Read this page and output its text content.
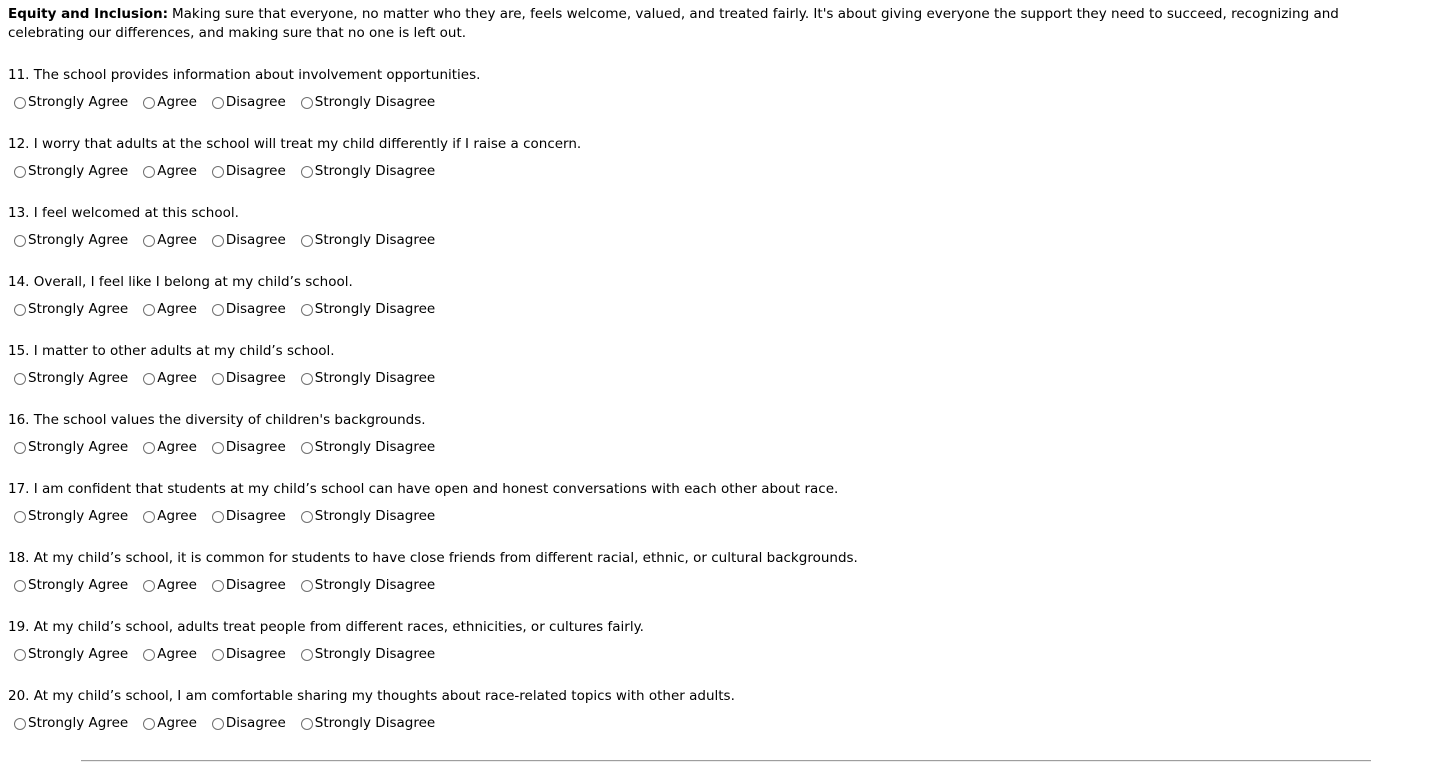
Equity and Inclusion: Making sure that everyone, no matter who they are, feels welcome, valued, and treated fairly. It's about giving everyone the support they need to succeed, recognizing and celebrating our differences, and making sure that no one is left out.

11. The school provides information about involvement opportunities.

Strongly Agree Agree Disagree Strongly Disagree

12. I worry that adults at the school will treat my child differently if I raise a concern.

Strongly Agree Agree Disagree Strongly Disagree

13. I feel welcomed at this school.

Strongly Agree Agree Disagree Strongly Disagree

14. Overall, I feel like I belong at my child’s school.

Strongly Agree Agree Disagree Strongly Disagree

15. I matter to other adults at my child’s school.

Strongly Agree Agree Disagree Strongly Disagree

16. The school values the diversity of children's backgrounds.

Strongly Agree Agree Disagree Strongly Disagree

17. I am confident that students at my child’s school can have open and honest conversations with each other about race.

Strongly Agree Agree Disagree Strongly Disagree

18. At my child’s school, it is common for students to have close friends from different racial, ethnic, or cultural backgrounds.

Strongly Agree Agree Disagree Strongly Disagree

19. At my child’s school, adults treat people from different races, ethnicities, or cultures fairly.

Strongly Agree Agree Disagree Strongly Disagree

20. At my child’s school, I am comfortable sharing my thoughts about race-related topics with other adults.

Strongly Agree Agree Disagree Strongly Disagree
